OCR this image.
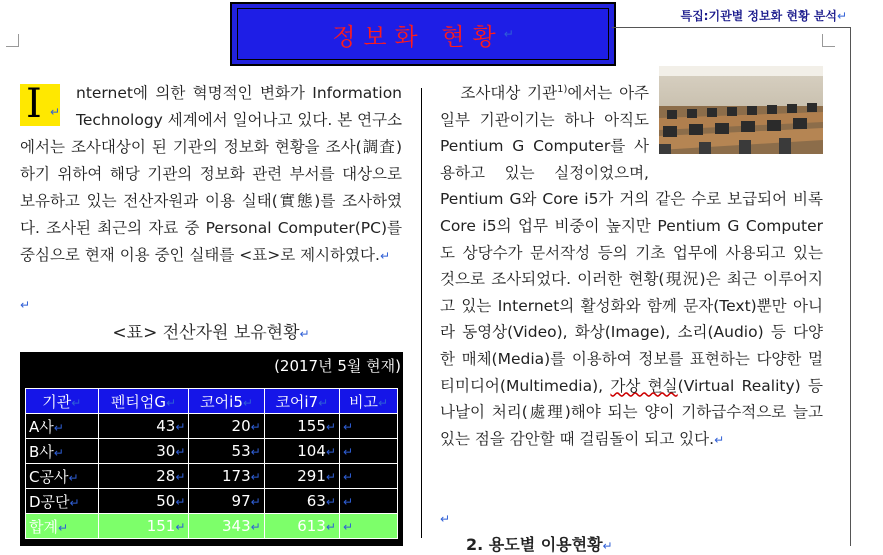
특집:기관별 정보화 현황 분석↵
정보화 현황 ↵

I ↵
nternet에 의한 혁명적인 변화가 Information Technology 세계에서 일어나고 있다. 본 연구소에서는 조사대상이 된 기관의 정보화 현황을 조사(調査)하기 위하여 해당 기관의 정보화 관련 부서를 대상으로 보유하고 있는 전산자원과 이용 실태(實態)를 조사하였다. 조사된 최근의 자료 중 Personal Computer(PC)를 중심으로 현재 이용 중인 실태를 <표>로 제시하였다.↵

↵
<표> 전산자원 보유현황↵
(2017년 5월 현재)
기관↵	펜티엄G↵	코어i5↵	코어i7↵	비고↵
A사↵	43↵	20↵	155↵	↵
B사↵	30↵	53↵	104↵	↵
C공사↵	28↵	173↵	291↵	↵
D공단↵	50↵	97↵	63↵	↵
합계↵	151↵	343↵	613↵	↵

조사대상 기관$^{1)}$에서는 아주 일부 기관이기는 하나 아직도 Pentium G Computer를 사용하고 있는 실정이었으며, Pentium G와 Core i5가 거의 같은 수로 보급되어 비록 Core i5의 업무 비중이 높지만 Pentium G Computer도 상당수가 문서작성 등의 기초 업무에 사용되고 있는 것으로 조사되었다. 이러한 현황(現況)은 최근 이루어지고 있는 Internet의 활성화와 함께 문자(Text)뿐만 아니라 동영상(Video), 화상(Image), 소리(Audio) 등 다양한 매체(Media)를 이용하여 정보를 표현하는 다양한 멀티미디어(Multimedia), 가상 현실(Virtual Reality) 등 나날이 처리(處理)해야 되는 양이 기하급수적으로 늘고 있는 점을 감안할 때 걸림돌이 되고 있다.↵

↵
2. 용도별 이용현황↵
